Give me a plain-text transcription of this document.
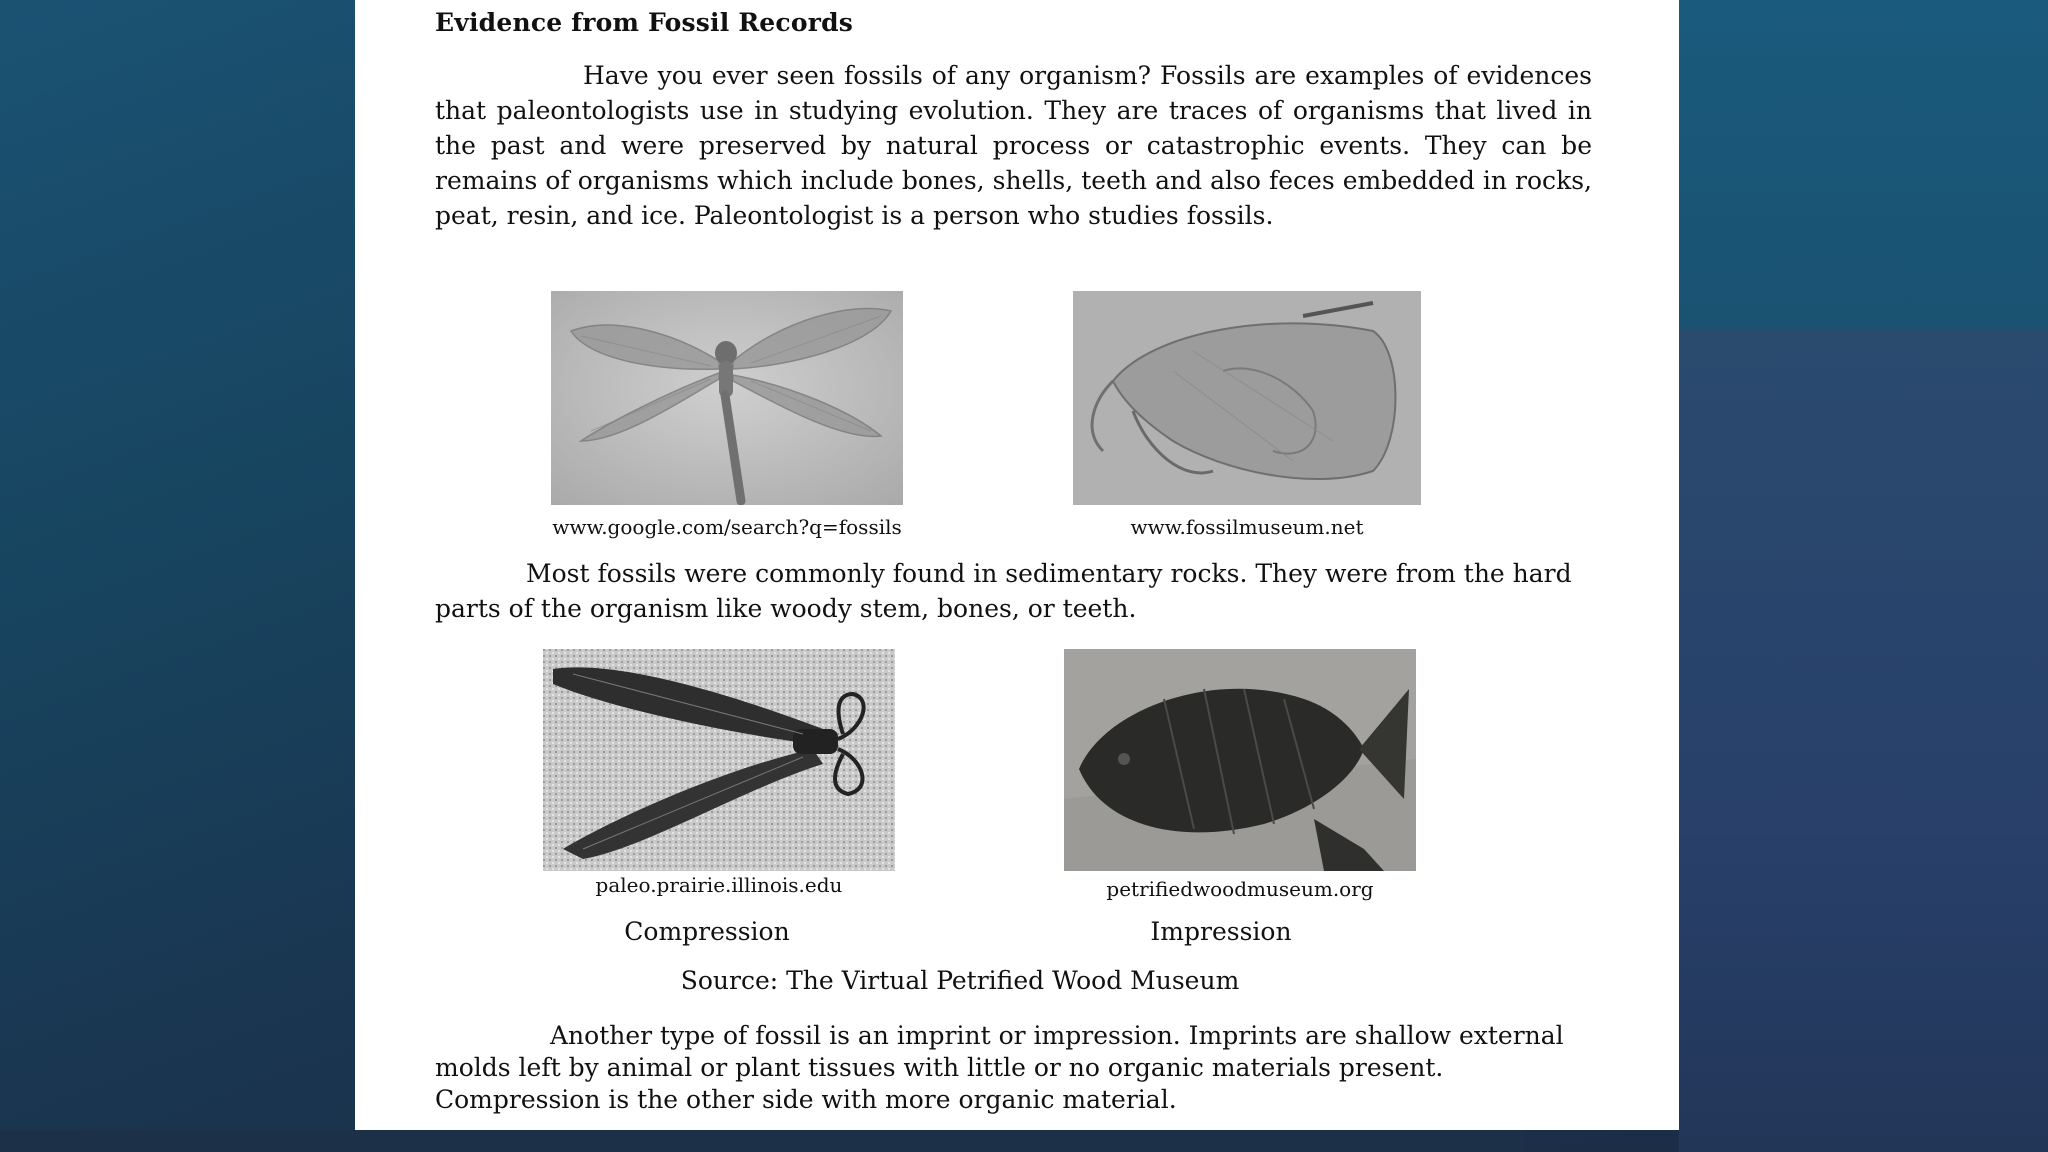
Evidence from Fossil Records
Have you ever seen fossils of any organism? Fossils are examples of evidences that paleontologists use in studying evolution. They are traces of organisms that lived in the past and were preserved by natural process or catastrophic events. They can be remains of organisms which include bones, shells, teeth and also feces embedded in rocks, peat, resin, and ice. Paleontologist is a person who studies fossils.
www.google.com/search?q=fossils	www.fossilmuseum.net
Most fossils were commonly found in sedimentary rocks. They were from the hard parts of the organism like woody stem, bones, or teeth.
paleo.prairie.illinois.edu	petrifiedwoodmuseum.org
Compression	Impression
Source: The Virtual Petrified Wood Museum
Another type of fossil is an imprint or impression. Imprints are shallow external molds left by animal or plant tissues with little or no organic materials present. Compression is the other side with more organic material.
